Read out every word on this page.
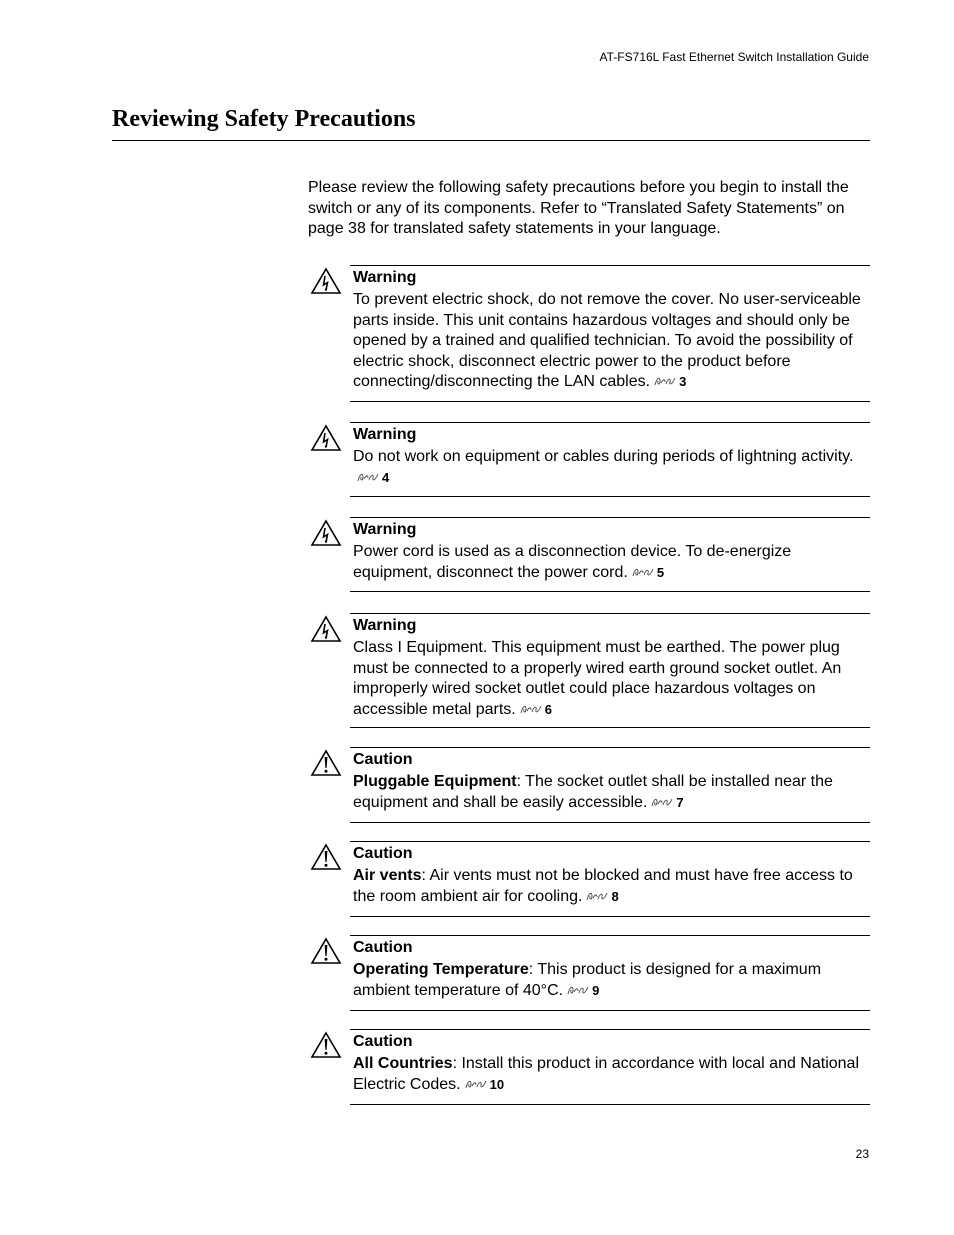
AT-FS716L Fast Ethernet Switch Installation Guide
Reviewing Safety Precautions

Please review the following safety precautions before you begin to install the switch or any of its components. Refer to “Translated Safety Statements” on page 38 for translated safety statements in your language.

Warning
To prevent electric shock, do not remove the cover. No user-serviceable parts inside. This unit contains hazardous voltages and should only be opened by a trained and qualified technician. To avoid the possibility of electric shock, disconnect electric power to the product before connecting/disconnecting the LAN cables. 3
Warning
Do not work on equipment or cables during periods of lightning activity.4
Warning
Power cord is used as a disconnection device. To de-energize equipment, disconnect the power cord. 5
Warning
Class I Equipment. This equipment must be earthed. The power plug must be connected to a properly wired earth ground socket outlet. An improperly wired socket outlet could place hazardous voltages on accessible metal parts. 6
Caution
Pluggable Equipment: The socket outlet shall be installed near the equipment and shall be easily accessible. 7
Caution
Air vents: Air vents must not be blocked and must have free access to the room ambient air for cooling. 8
Caution
Operating Temperature: This product is designed for a maximum ambient temperature of 40°C. 9
Caution
All Countries: Install this product in accordance with local and National Electric Codes. 10
23
